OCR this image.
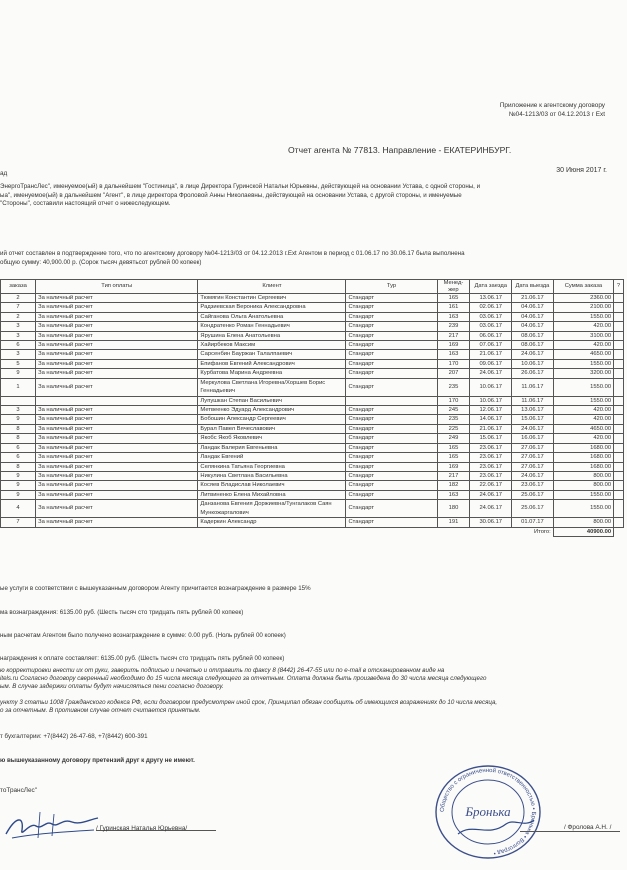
Приложение к агентскому договору
№04-1213/03 от 04.12.2013 г Ext
Отчет агента № 77813. Направление - ЕКАТЕРИНБУРГ.
30 Июня 2017 г.
ад
ЭнергоТрансЛес", именуемое(ый) в дальнейшем "Гостиница", в лице Директора Гуринской Натальи Юрьевны, действующей на основании Устава, с одной стороны, и
ыа", именуемое(ый) в дальнейшем "Агент", в лице директора Фроловой Анны Николаевны, действующей на основании Устава, с другой стороны, и именуемые
"Стороны", составили настоящий отчет о нижеследующем.
ий отчет составлен в подтверждение того, что по агентскому договору №04-1213/03 от 04.12.2013 г.Ext Агентом в период с 01.06.17 по 30.06.17 была выполнена
общую сумму: 40,900.00 р. (Сорок тысяч девятьсот рублей 00 копеек)
заказа	Тип оплаты	Клиент	Тур	Менед-жер	Дата заезда	Дата выезда	Сумма заказа	?
2	За наличный расчет	Тюмягин Константин Сергеевич	Стандарт	165	13.06.17	21.06.17	2360.00	
7	За наличный расчет	Радзиевская Вероника Александровна	Стандарт	161	02.06.17	04.06.17	2100.00	
2	За наличный расчет	Сайганова Ольга Анатольевна	Стандарт	163	03.06.17	04.06.17	1550.00	
3	За наличный расчет	Кондратенко Роман Геннадьевич	Стандарт	239	03.06.17	04.06.17	420.00	
3	За наличный расчет	Ярушина Елена Анатольевна	Стандарт	217	06.06.17	08.06.17	3100.00	
6	За наличный расчет	Хайирбеков Максим	Стандарт	169	07.06.17	08.06.17	420.00	
3	За наличный расчет	Сарсенбин Бауржан Талалпаевич	Стандарт	163	21.06.17	24.06.17	4650.00	
5	За наличный расчет	Епифанов Евгений Александрович	Стандарт	170	09.06.17	10.06.17	1550.00	
9	За наличный расчет	Курбатова Марина Андреевна	Стандарт	207	24.06.17	26.06.17	3200.00	
1	За наличный расчет	Меркулова Светлана Игоревна/Хоршев Борис Геннадьевич	Стандарт	235	10.06.17	11.06.17	1550.00	
		Лупушкан Степан Васильевич		170	10.06.17	11.06.17	1550.00	
3	За наличный расчет	Метвеенко Эдуард Александрович	Стандарт	245	12.06.17	13.06.17	420.00	
9	За наличный расчет	Бобошин Александр Сергеевич	Стандарт	235	14.06.17	15.06.17	420.00	
8	За наличный расчет	Бурал Павел Вячеславович	Стандарт	225	21.06.17	24.06.17	4650.00	
8	За наличный расчет	Якобс Якоб Яковлевич	Стандарт	249	15.06.17	16.06.17	420.00	
6	За наличный расчет	Ландак Валерия Евгеньевна	Стандарт	165	23.06.17	27.06.17	1680.00	
6	За наличный расчет	Ландак Евгений	Стандарт	165	23.06.17	27.06.17	1680.00	
8	За наличный расчет	Селянкина Татьяна Георгиевна	Стандарт	169	23.06.17	27.06.17	1680.00	
9	За наличный расчет	Никулина Светлана Васильевна	Стандарт	217	23.06.17	24.06.17	800.00	
9	За наличный расчет	Косяев Владислав Николаевич	Стандарт	182	22.06.17	23.06.17	800.00	
9	За наличный расчет	Литвиненко Елена Михайловна	Стандарт	163	24.06.17	25.06.17	1550.00	
4	За наличный расчет	Данзанова Евгения Доржиевна/Тунгалаков Саян Мункожаргалович	Стандарт	180	24.06.17	25.06.17	1550.00	
7	За наличный расчет	Кадеркин Александр	Стандарт	191	30.06.17	01.07.17	800.00	
					Итого:		40900.00	
ые услуги в соответствии с вышеуказанным договором Агенту причитается вознаграждение в размере 15%
ма вознаграждения: 6135.00 руб. (Шесть тысяч сто тридцать пять рублей 00 копеек)
ным расчетам Агентом было получено вознаграждение в сумме: 0.00 руб. (Ноль рублей 00 копеек)
награждения к оплате составляет: 6135.00 руб. (Шесть тысяч сто тридцать пять рублей 00 копеек)
ю корректировки внести их от руки, заверить подписью и печатью и отправить по факсу 8 (8442) 26-47-55 или по e-mail в отсканированном виде на
itels.ru Согласно договору сверенный необходимо до 15 числа месяца следующего за отчетным. Оплата должна быть произведена до 30 числа месяца следующего
ым. В случае задержки оплаты будут начисляться пени согласно договору.
ункту 3 статьи 1008 Гражданского кодекса РФ, если договором предусмотрен иной срок, Принципал обязан сообщить об имеющихся возражениях до 10 числа месяца,
о за отчетным. В противном случае отчет считается принятым.
т бухгалтерии: +7(8442) 26-47-68, +7(8442) 600-391
ю вышеуказанному договору претензий друг к другу не имеют.
тоТрансЛес"
/ Гуринская Наталья Юрьевна/
Общество с ограниченной ответственностью • Бронька • Волгоград •
Бронька
/ Фролова А.Н. /
